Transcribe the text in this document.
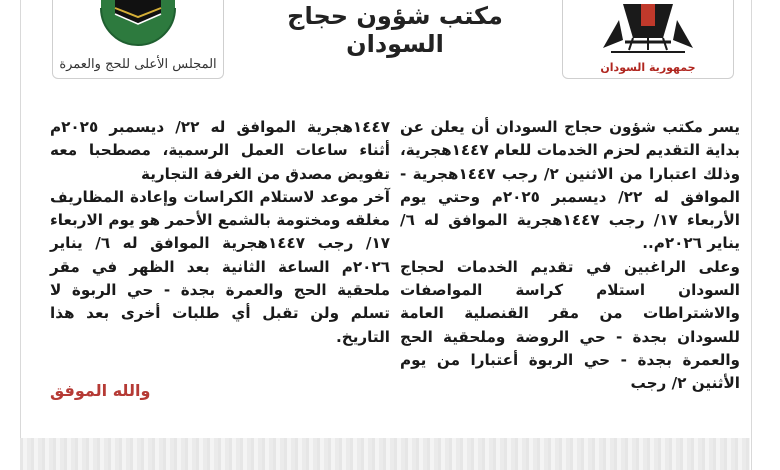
المجلس الأعلى للحج والعمرة
مكتب شؤون حجاج السودان
جمهورية السودان

يسر مكتب شؤون حجاج السودان أن يعلن عن بداية التقديم لحزم الخدمات للعام ١٤٤٧هجرية، وذلك اعتبارا من الاثنين ٢/ رجب ١٤٤٧هجرية - الموافق له ٢٢/ ديسمبر ٢٠٢٥م وحتي يوم الأربعاء ١٧/ رجب ١٤٤٧هجرية الموافق له ٦/ يناير ٢٠٢٦م..

وعلى الراغبين في تقديم الخدمات لحجاج السودان استلام كراسة المواصفات والاشتراطات من مقر القنصلية العامة للسودان بجدة - حي الروضة وملحقية الحج والعمرة بجدة - حي الربوة أعتبارا من يوم الأثنين ٢/ رجب

١٤٤٧هجرية الموافق له ٢٢/ ديسمبر ٢٠٢٥م أثناء ساعات العمل الرسمية، مصطحبا معه تفويض مصدق من الغرفة التجارية

آخر موعد لاستلام الكراسات وإعادة المظاريف مغلقه ومختومة بالشمع الأحمر هو يوم الاربعاء ١٧/ رجب ١٤٤٧هجرية الموافق له ٦/ يناير ٢٠٢٦م الساعة الثانية بعد الظهر في مقر ملحقية الحج والعمرة بجدة - حي الربوة لا تسلم ولن تقبل أي طلبات أخرى بعد هذا التاريخ.

والله الموفق
